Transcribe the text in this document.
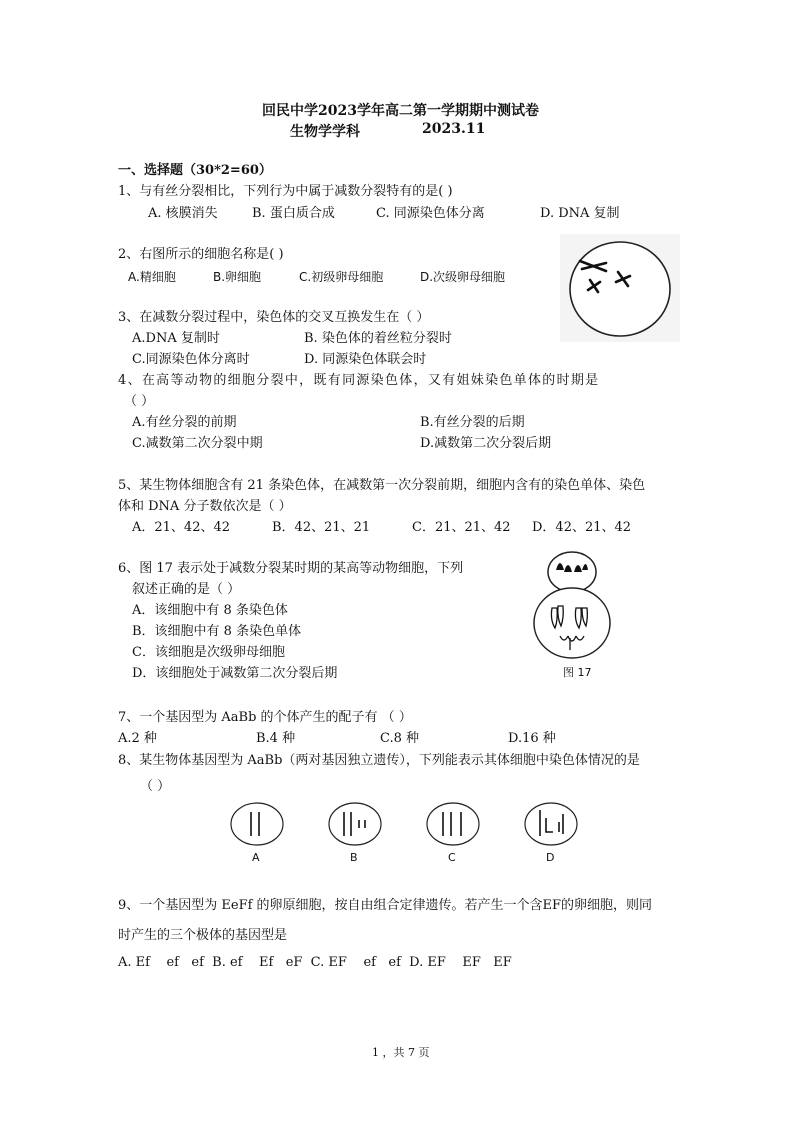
回民中学2023学年高二第一学期期中测试卷
生物学学科	2023.11
一、选择题（30*2=60）
1、与有丝分裂相比，下列行为中属于减数分裂特有的是( )
A. 核膜消失	B. 蛋白质合成	C. 同源染色体分离	D. DNA 复制
2、右图所示的细胞名称是( )
A.精细胞	B.卵细胞	C.初级卵母细胞	D.次级卵母细胞
3、在减数分裂过程中，染色体的交叉互换发生在（ ）
A.DNA 复制时	B. 染色体的着丝粒分裂时
C.同源染色体分离时	D. 同源染色体联会时
4、在高等动物的细胞分裂中，既有同源染色体，又有姐妹染色单体的时期是
（ ）
A.有丝分裂的前期	B.有丝分裂的后期
C.减数第二次分裂中期	D.减数第二次分裂后期
5、某生物体细胞含有 21 条染色体，在减数第一次分裂前期，细胞内含有的染色单体、染色
体和 DNA 分子数依次是（ ）
A．21、42、42	B．42、21、21	C．21、21、42 D．42、21、42
6、图 17 表示处于减数分裂某时期的某高等动物细胞，下列
叙述正确的是（ ）
A．该细胞中有 8 条染色体
B．该细胞中有 8 条染色单体
C．该细胞是次级卵母细胞
D．该细胞处于减数第二次分裂后期	图 17
7、一个基因型为 AaBb 的个体产生的配子有 （ ）
A.2 种	B.4 种	C.8 种	D.16 种
8、某生物体基因型为 AaBb（两对基因独立遗传），下列能表示其体细胞中染色体情况的是
（ ）
A	B	C	D
9、一个基因型为 EeFf 的卵原细胞，按自由组合定律遗传。若产生一个含EF的卵细胞，则同
时产生的三个极体的基因型是
A. Ef    ef   ef  B. ef    Ef   eF  C. EF    ef   ef  D. EF    EF   EF
1 ，共 7 页
